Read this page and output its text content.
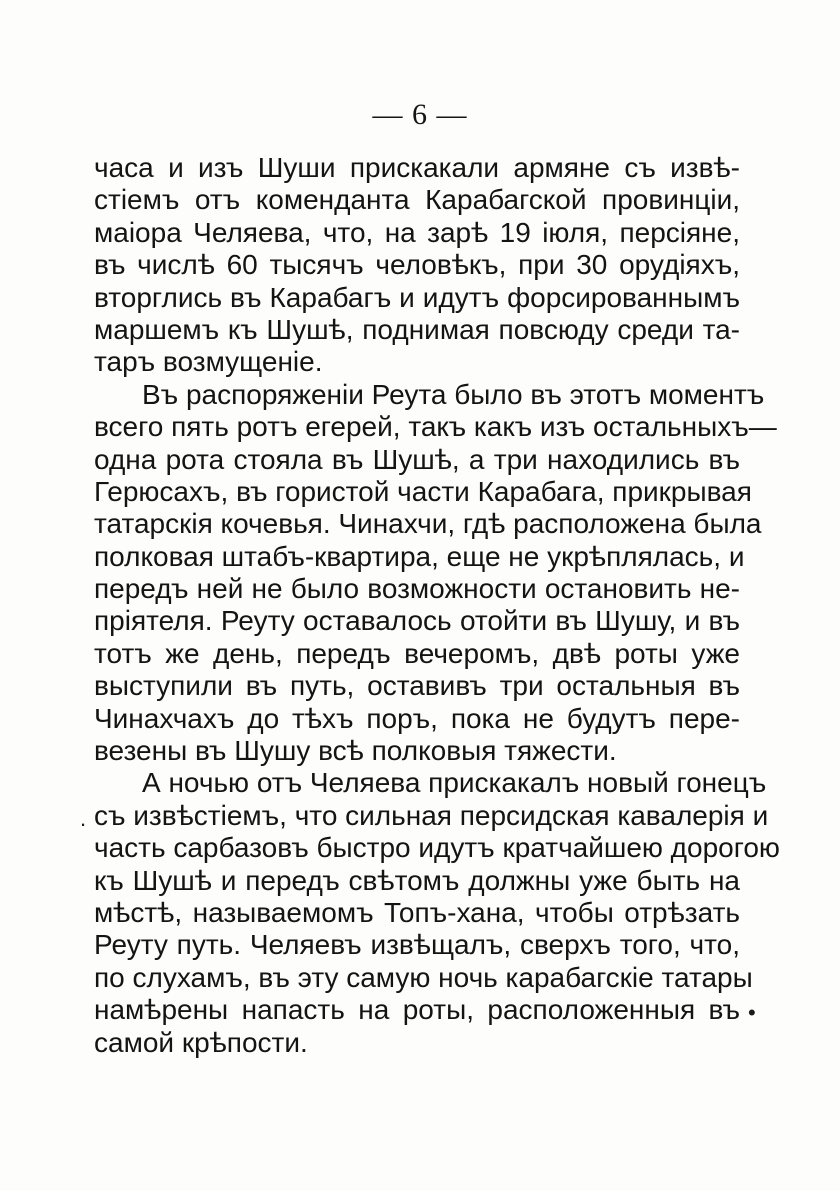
— 6 —
часа и изъ Шуши прискакали армяне съ извѣ-
стіемъ отъ коменданта Карабагской провинціи,
маіора Челяева, что, на зарѣ 19 іюля, персіяне,
въ числѣ 60 тысячъ человѣкъ, при 30 орудіяхъ,
вторглись въ Карабагъ и идутъ форсированнымъ
маршемъ къ Шушѣ, поднимая повсюду среди та-
таръ возмущеніе.
Въ распоряженіи Реута было въ этотъ моментъ
всего пять ротъ егерей, такъ какъ изъ остальныхъ—
одна рота стояла въ Шушѣ, а три находились въ
Герюсахъ, въ гористой части Карабага, прикрывая
татарскія кочевья. Чинахчи, гдѣ расположена была
полковая штабъ-квартира, еще не укрѣплялась, и
передъ ней не было возможности остановить не-
пріятеля. Реуту оставалось отойти въ Шушу, и въ
тотъ же день, передъ вечеромъ, двѣ роты уже
выступили въ путь, оставивъ три остальныя въ
Чинахчахъ до тѣхъ поръ, пока не будутъ пере-
везены въ Шушу всѣ полковыя тяжести.
А ночью отъ Челяева прискакалъ новый гонецъ
съ извѣстіемъ, что сильная персидская кавалерія и
часть сарбазовъ быстро идутъ кратчайшею дорогою
къ Шушѣ и передъ свѣтомъ должны уже быть на
мѣстѣ, называемомъ Топъ-хана, чтобы отрѣзать
Реуту путь. Челяевъ извѣщалъ, сверхъ того, что,
по слухамъ, въ эту самую ночь карабагскіе татары
намѣрены напасть на роты, расположенныя въ
самой крѣпости.
.
•
